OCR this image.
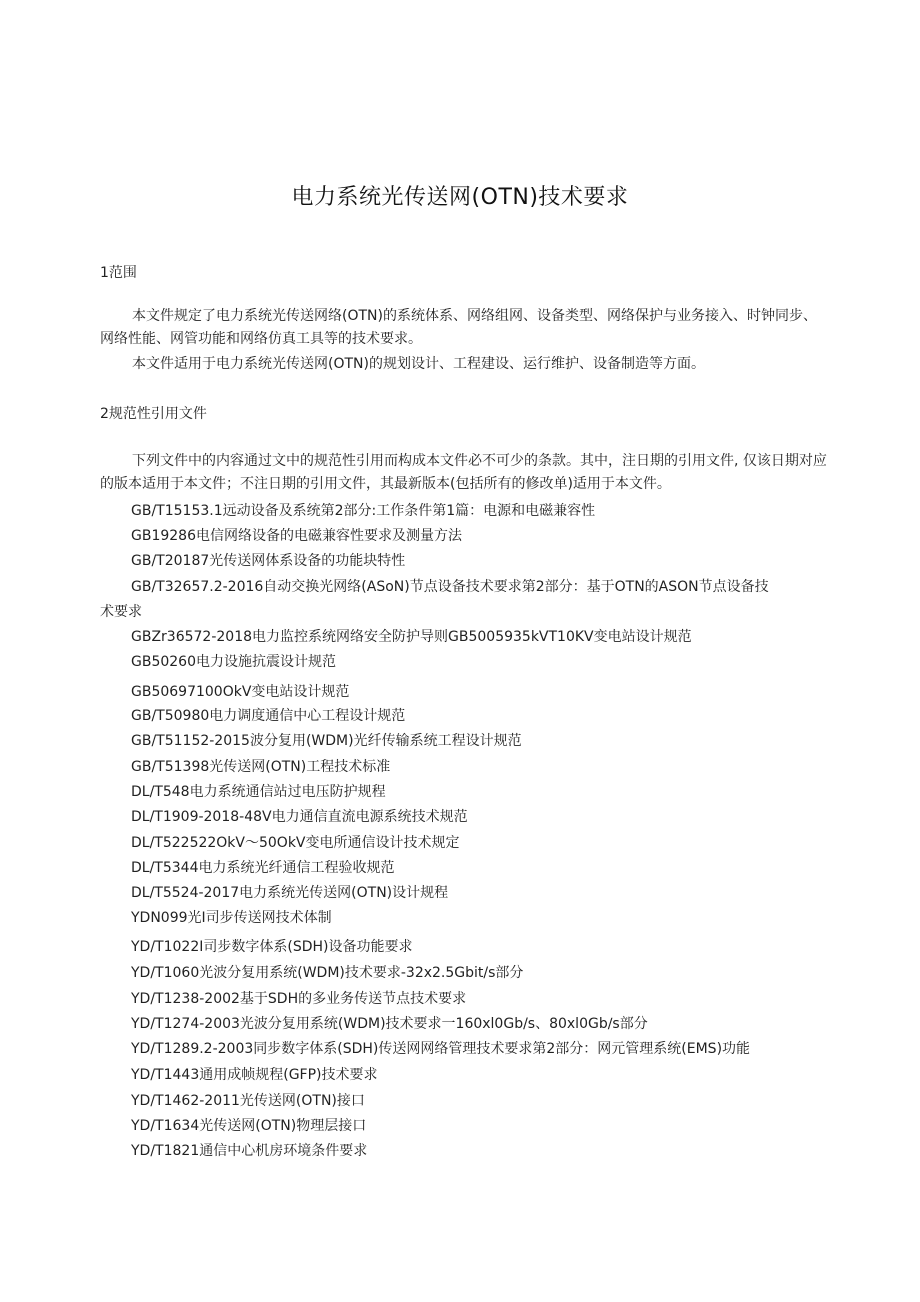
电力系统光传送网(OTN)技术要求
1范围

本文件规定了电力系统光传送网络(OTN)的系统体系、网络组网、设备类型、网络保护与业务接入、时钟同步、网络性能、网管功能和网络仿真工具等的技术要求。

本文件适用于电力系统光传送网(OTN)的规划设计、工程建设、运行维护、设备制造等方面。

2规范性引用文件

下列文件中的内容通过文中的规范性引用而构成本文件必不可少的条款。其中，注日期的引用文件, 仅该日期对应的版本适用于本文件；不注日期的引用文件，其最新版本(包括所有的修改单)适用于本文件。

GB/T15153.1远动设备及系统第2部分:工作条件第1篇：电源和电磁兼容性
GB19286电信网络设备的电磁兼容性要求及测量方法
GB/T20187光传送网体系设备的功能块特性
GB/T32657.2-2016自动交换光网络(ASoN)节点设备技术要求第2部分：基于OTN的ASON节点设备技
术要求
GBZr36572-2018电力监控系统网络安全防护导则GB5005935kVT10KV变电站设计规范
GB50260电力设施抗震设计规范
GB50697100OkV变电站设计规范
GB/T50980电力调度通信中心工程设计规范
GB/T51152-2015波分复用(WDM)光纤传输系统工程设计规范
GB/T51398光传送网(OTN)工程技术标准
DL/T548电力系统通信站过电压防护规程
DL/T1909-2018-48V电力通信直流电源系统技术规范
DL/T522522OkV～50OkV变电所通信设计技术规定
DL/T5344电力系统光纤通信工程验收规范
DL/T5524-2017电力系统光传送网(OTN)设计规程
YDN099光I司步传送网技术体制
YD/T1022I司步数字体系(SDH)设备功能要求
YD/T1060光波分复用系统(WDM)技术要求-32x2.5Gbit/s部分
YD/T1238-2002基于SDH的多业务传送节点技术要求
YD/T1274-2003光波分复用系统(WDM)技术要求一160xl0Gb/s、80xl0Gb∕s部分
YD/T1289.2-2003同步数字体系(SDH)传送网网络管理技术要求第2部分：网元管理系统(EMS)功能
YD/T1443通用成帧规程(GFP)技术要求
YD/T1462-2011光传送网(OTN)接口
YD/T1634光传送网(OTN)物理层接口
YD/T1821通信中心机房环境条件要求
